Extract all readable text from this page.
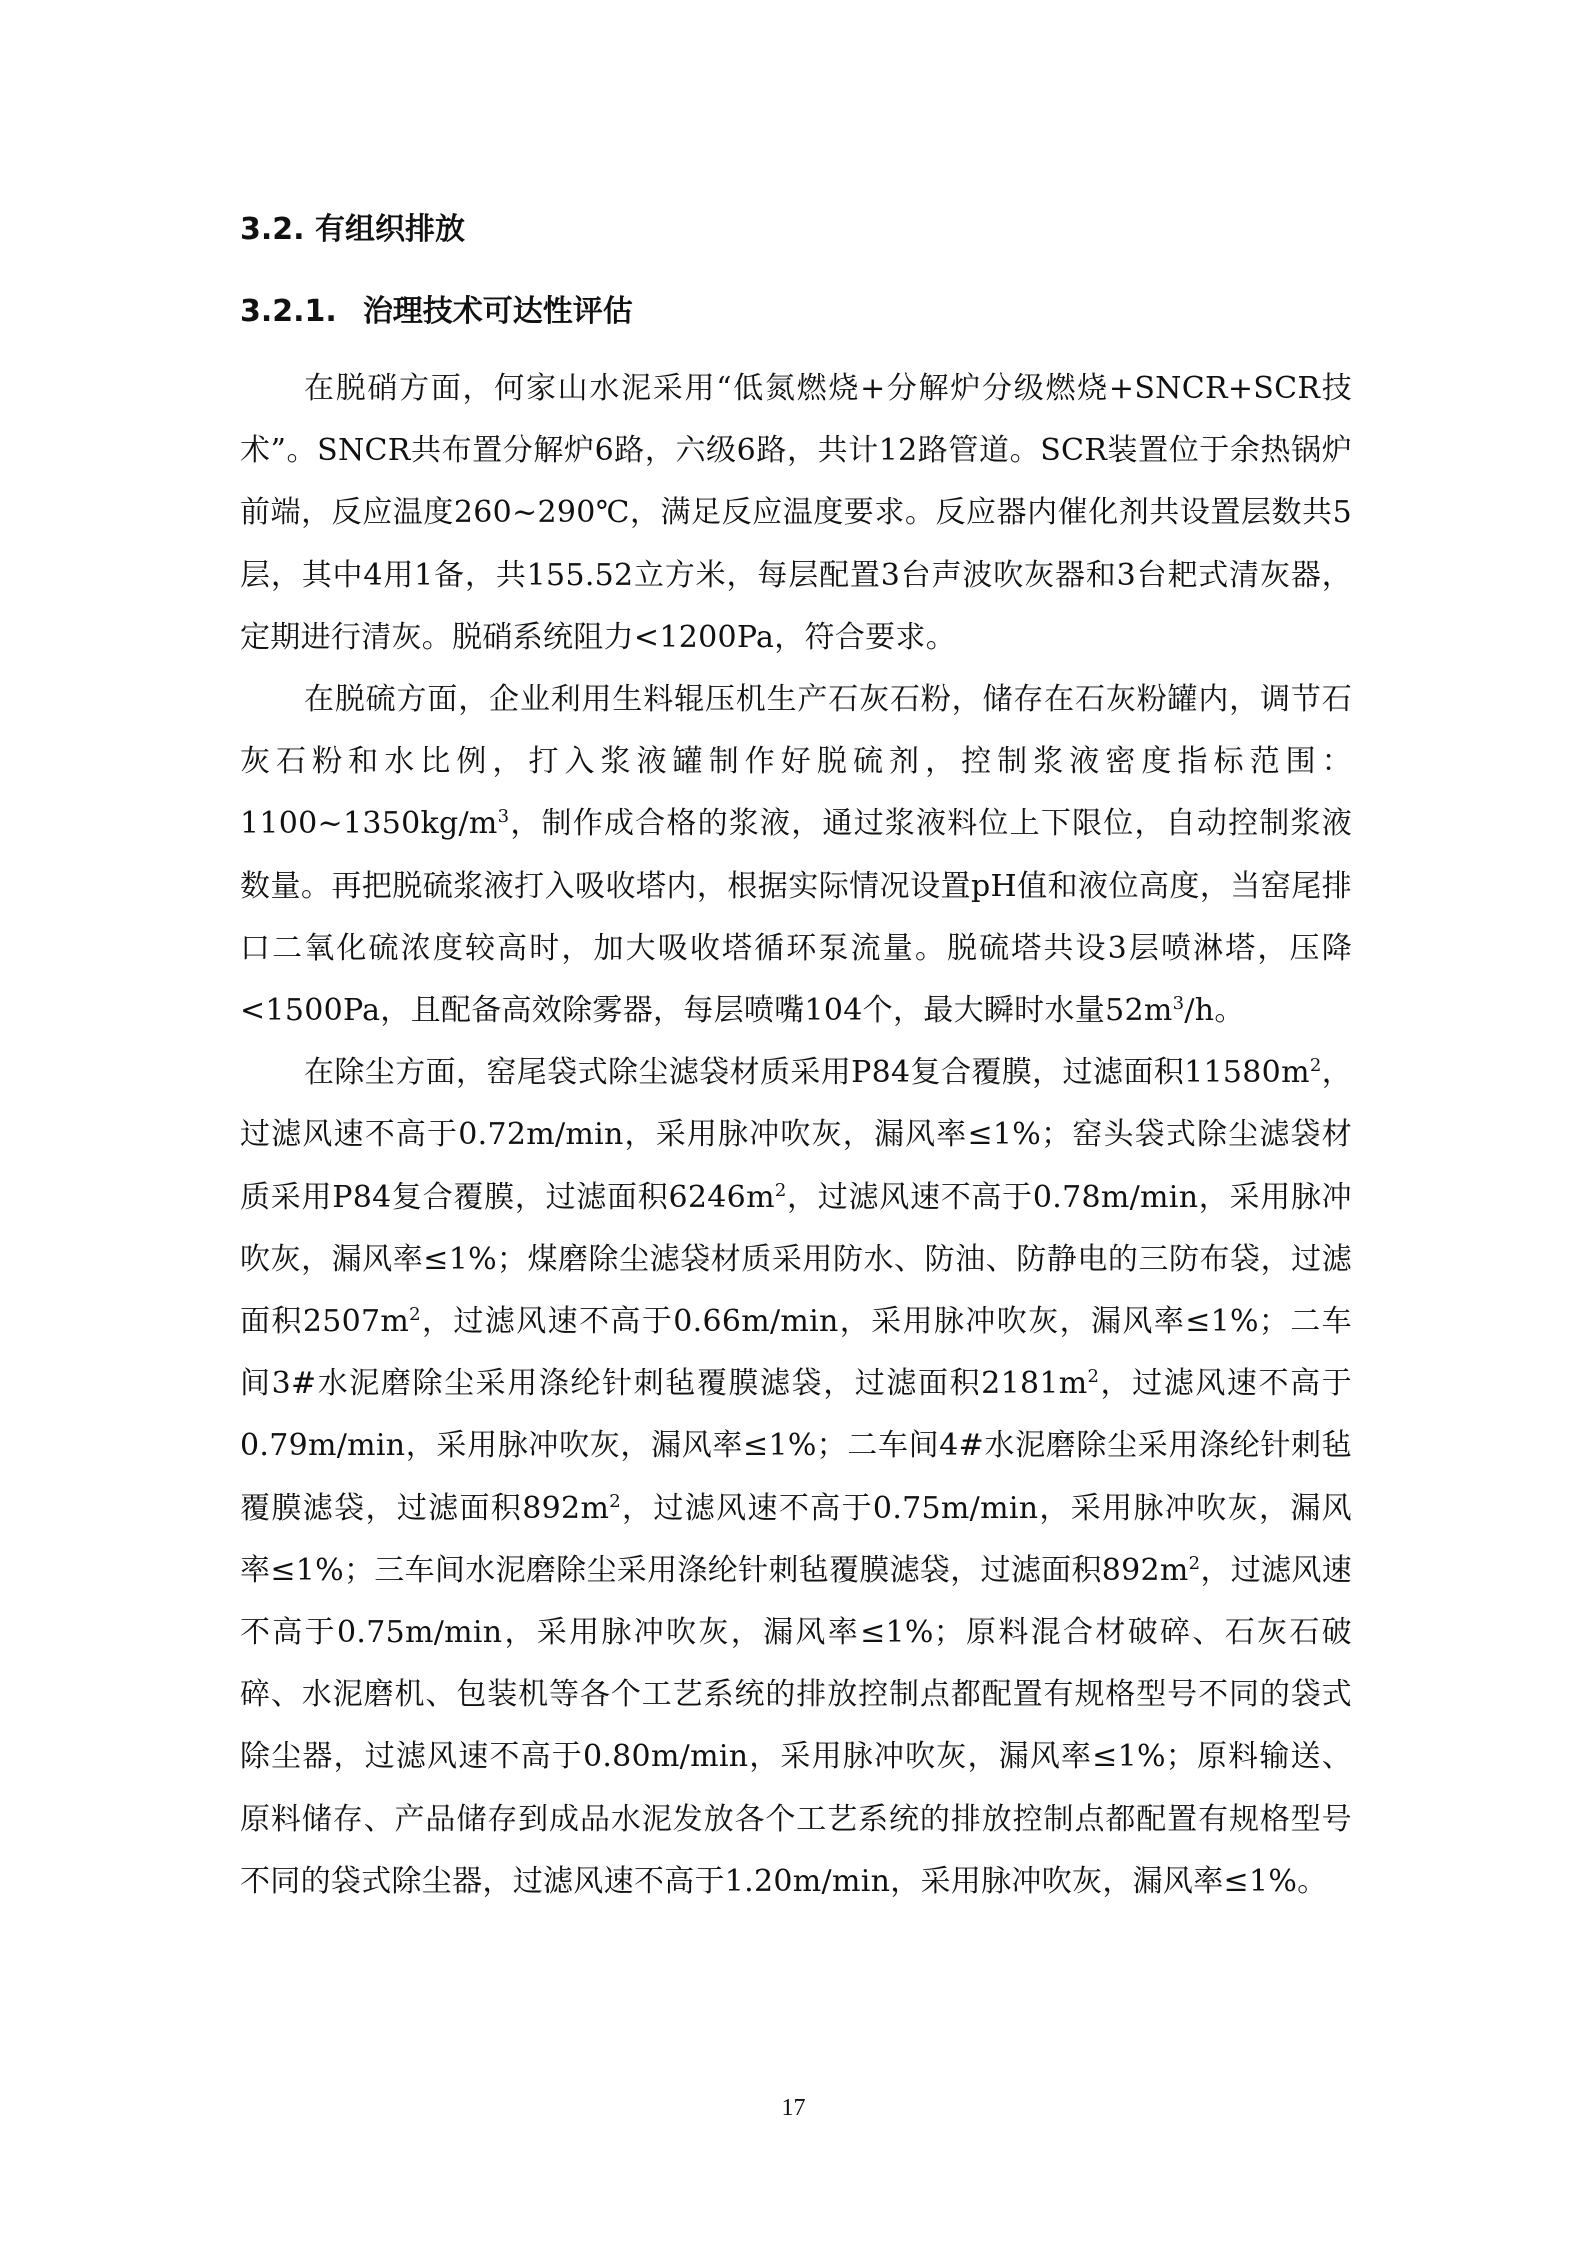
3.2. 有组织排放
3.2.1. 治理技术可达性评估

在脱硝方面，何家山水泥采用“低氮燃烧+分解炉分级燃烧+SNCR+SCR技术”。SNCR共布置分解炉6路，六级6路，共计12路管道。SCR装置位于余热锅炉前端，反应温度260~290℃，满足反应温度要求。反应器内催化剂共设置层数共5层，其中4用1备，共155.52立方米，每层配置3台声波吹灰器和3台耙式清灰器，定期进行清灰。脱硝系统阻力<1200Pa，符合要求。

在脱硫方面，企业利用生料辊压机生产石灰石粉，储存在石灰粉罐内，调节石灰石粉和水比例，打入浆液罐制作好脱硫剂，控制浆液密度指标范围：$1100\sim 1350kg/m^3$，制作成合格的浆液，通过浆液料位上下限位，自动控制浆液数量。再把脱硫浆液打入吸收塔内，根据实际情况设置pH值和液位高度，当窑尾排口二氧化硫浓度较高时，加大吸收塔循环泵流量。脱硫塔共设3层喷淋塔，压降<1500Pa，且配备高效除雾器，每层喷嘴104个，最大瞬时水量$52m^3/h$。

在除尘方面，窑尾袋式除尘滤袋材质采用P84复合覆膜，过滤面积$11580m^2$，过滤风速不高于0.72m/min，采用脉冲吹灰，漏风率≤1%；窑头袋式除尘滤袋材质采用P84复合覆膜，过滤面积$6246m^2$，过滤风速不高于0.78m/min，采用脉冲吹灰，漏风率≤1%；煤磨除尘滤袋材质采用防水、防油、防静电的三防布袋，过滤面积$2507m^2$，过滤风速不高于0.66m/min，采用脉冲吹灰，漏风率≤1%；二车间3#水泥磨除尘采用涤纶针刺毡覆膜滤袋，过滤面积$2181m^2$，过滤风速不高于0.79m/min，采用脉冲吹灰，漏风率≤1%；二车间4#水泥磨除尘采用涤纶针刺毡覆膜滤袋，过滤面积$892m^2$，过滤风速不高于0.75m/min，采用脉冲吹灰，漏风率≤1%；三车间水泥磨除尘采用涤纶针刺毡覆膜滤袋，过滤面积$892m^2$，过滤风速不高于0.75m/min，采用脉冲吹灰，漏风率≤1%；原料混合材破碎、石灰石破碎、水泥磨机、包装机等各个工艺系统的排放控制点都配置有规格型号不同的袋式除尘器，过滤风速不高于0.80m/min，采用脉冲吹灰，漏风率≤1%；原料输送、原料储存、产品储存到成品水泥发放各个工艺系统的排放控制点都配置有规格型号不同的袋式除尘器，过滤风速不高于1.20m/min，采用脉冲吹灰，漏风率≤1%。

17
